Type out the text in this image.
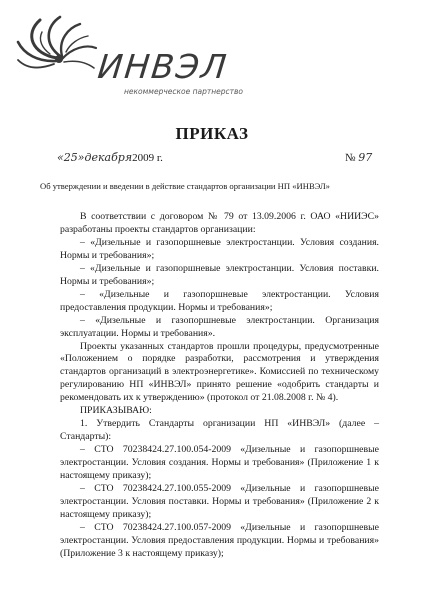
ИНВЭЛ
некоммерческое партнерство
ПРИКАЗ
«25»декабря2009 г.	№ 97
Об утверждении и введении в действие стандартов организации НП «ИНВЭЛ»

В соответствии с договором № 79 от 13.09.2006 г. ОАО «НИИЭС» разработаны проекты стандартов организации:

– «Дизельные и газопоршневые электростанции. Условия создания. Нормы и требования»;

– «Дизельные и газопоршневые электростанции. Условия поставки. Нормы и требования»;

– «Дизельные и газопоршневые электростанции. Условия предоставления продукции. Нормы и требования»;

– «Дизельные и газопоршневые электростанции. Организация эксплуатации. Нормы и требования».

Проекты указанных стандартов прошли процедуры, предусмотренные «Положением о порядке разработки, рассмотрения и утверждения стандартов организаций в электроэнергетике». Комиссией по техническому регулированию НП «ИНВЭЛ» принято решение «одобрить стандарты и рекомендовать их к утверждению» (протокол от 21.08.2008 г. № 4).

ПРИКАЗЫВАЮ:

1. Утвердить Стандарты организации НП «ИНВЭЛ» (далее – Стандарты):

– СТО 70238424.27.100.054-2009 «Дизельные и газопоршневые электростанции. Условия создания. Нормы и требования» (Приложение 1 к настоящему приказу);

– СТО 70238424.27.100.055-2009 «Дизельные и газопоршневые электростанции. Условия поставки. Нормы и требования» (Приложение 2 к настоящему приказу);

– СТО 70238424.27.100.057-2009 «Дизельные и газопоршневые электростанции. Условия предоставления продукции. Нормы и требования» (Приложение 3 к настоящему приказу);
